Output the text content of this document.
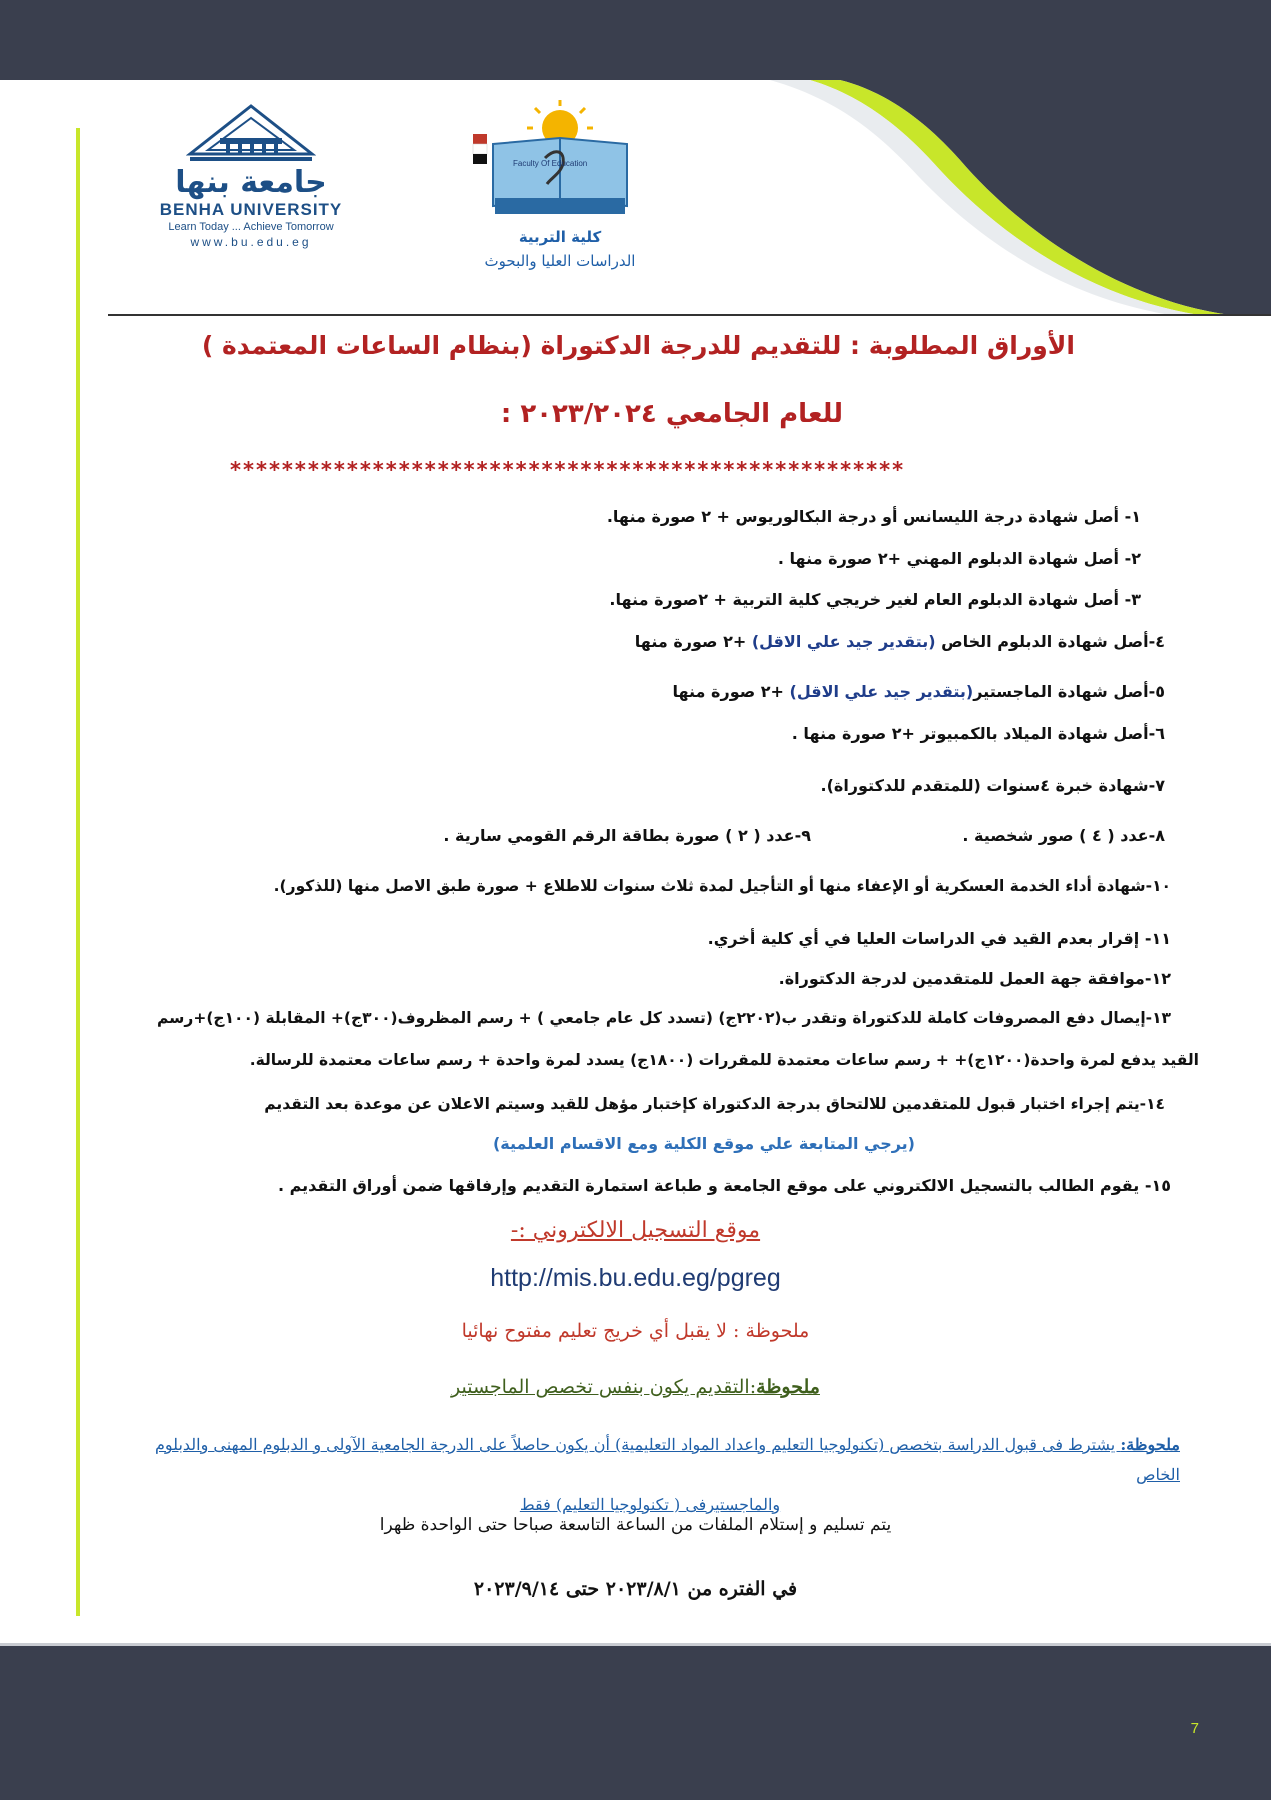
جامعة بنها
BENHA UNIVERSITY
Learn Today ... Achieve Tomorrow
www.bu.edu.eg
Faculty Of Education
كلية التربية
الدراسات العليا والبحوث
الأوراق المطلوبة : للتقديم للدرجة الدكتوراة (بنظام الساعات المعتمدة )
للعام الجامعي ٢٠٢٣/٢٠٢٤ :
****************************************************
١- أصل شهادة درجة الليسانس أو درجة البكالوريوس + ٢ صورة منها.
٢- أصل شهادة الدبلوم المهني +٢ صورة منها .
٣- أصل شهادة الدبلوم العام لغير خريجي كلية التربية + ٢صورة منها.
٤-أصل شهادة الدبلوم الخاص (بتقدير جيد علي الاقل) +٢ صورة منها
٥-أصل شهادة الماجستير(بتقدير جيد علي الاقل) +٢ صورة منها
٦-أصل شهادة الميلاد بالكمبيوتر +٢ صورة منها .
٧-شهادة خبرة ٤سنوات (للمتقدم للدكتوراة).
٨-عدد ( ٤ ) صور شخصية .
٩-عدد ( ٢ ) صورة بطاقة الرقم القومي سارية .
١٠-شهادة أداء الخدمة العسكرية أو الإعفاء منها أو التأجيل لمدة ثلاث سنوات للاطلاع + صورة طبق الاصل منها (للذكور).
١١- إقرار بعدم القيد في الدراسات العليا في أي كلية أخري.
١٢-موافقة جهة العمل للمتقدمين لدرجة الدكتوراة.
١٣-إيصال دفع المصروفات كاملة للدكتوراة وتقدر ب(٢٢٠٢ج) (تسدد كل عام جامعي ) + رسم المظروف(٣٠٠ج)+ المقابلة (١٠٠ج)+رسم
القيد يدفع لمرة واحدة(١٢٠٠ج)+ + رسم ساعات معتمدة للمقررات (١٨٠٠ج) يسدد لمرة واحدة + رسم ساعات معتمدة للرسالة.
١٤-يتم إجراء اختبار قبول للمتقدمين للالتحاق بدرجة الدكتوراة كإختبار مؤهل للقيد وسيتم الاعلان عن موعدة بعد التقديم
(يرجي المتابعة علي موقع الكلية ومع الاقسام العلمية)
١٥- يقوم الطالب بالتسجيل الالكتروني على موقع الجامعة و طباعة استمارة التقديم وإرفاقها ضمن أوراق التقديم .
موقع التسجيل الالكتروني :-
http://mis.bu.edu.eg/pgreg
ملحوظة : لا يقبل أي خريج تعليم مفتوح نهائيا
ملحوظة:التقديم يكون بنفس تخصص الماجستير
ملحوظة: يشترط فى قبول الدراسة بتخصص (تكنولوجيا التعليم واعداد المواد التعليمية) أن يكون حاصلاً على الدرجة الجامعية الآولى و الدبلوم المهنى والدبلوم الخاص

والماجستيرفى ( تكنولوجيا التعليم) فقط
يتم تسليم و إستلام الملفات من الساعة التاسعة صباحا حتى الواحدة ظهرا
في الفتره من ٢٠٢٣/٨/١ حتى ٢٠٢٣/٩/١٤
7
